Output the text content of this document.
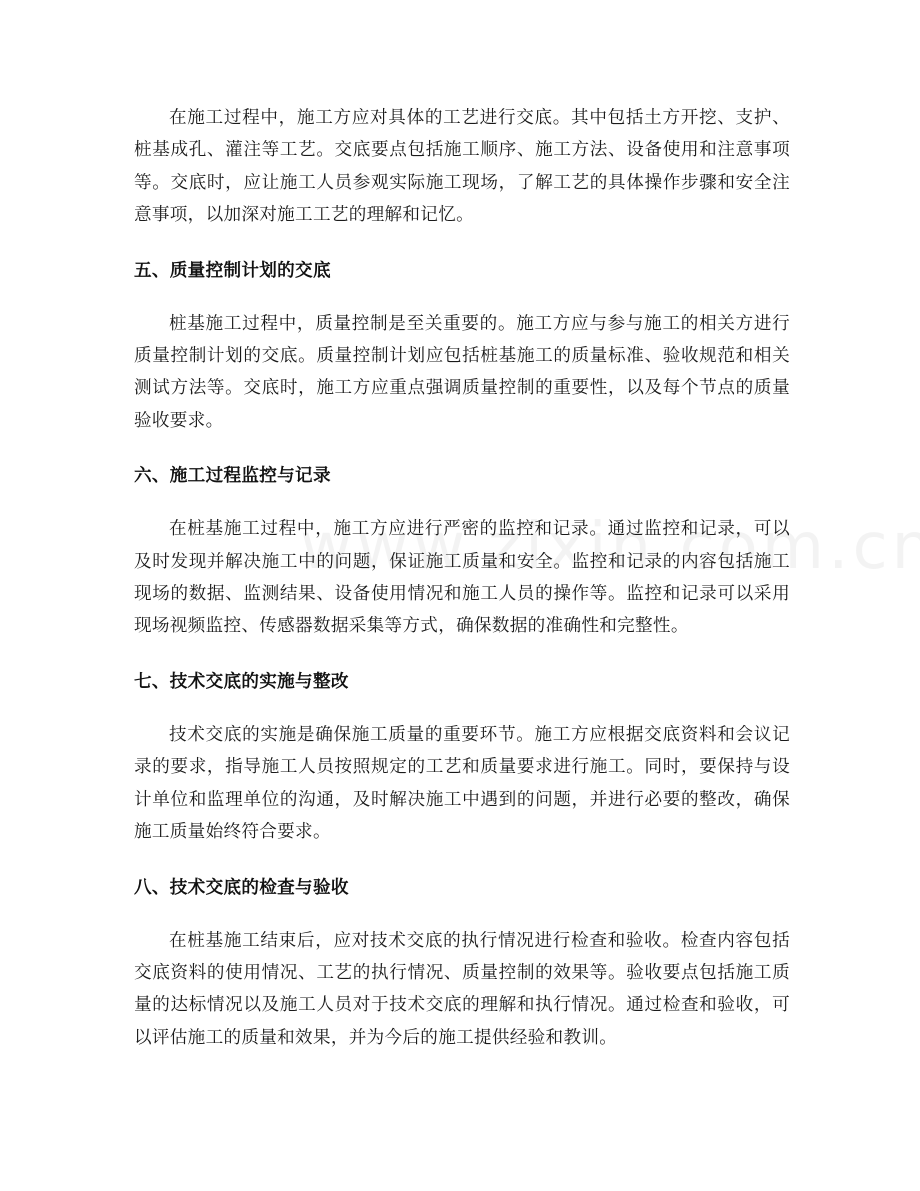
在施工过程中，施工方应对具体的工艺进行交底。其中包括土方开挖、支护、桩基成孔、灌注等工艺。交底要点包括施工顺序、施工方法、设备使用和注意事项等。交底时，应让施工人员参观实际施工现场，了解工艺的具体操作步骤和安全注意事项，以加深对施工工艺的理解和记忆。

五、质量控制计划的交底

桩基施工过程中，质量控制是至关重要的。施工方应与参与施工的相关方进行质量控制计划的交底。质量控制计划应包括桩基施工的质量标准、验收规范和相关测试方法等。交底时，施工方应重点强调质量控制的重要性，以及每个节点的质量验收要求。

六、施工过程监控与记录

在桩基施工过程中，施工方应进行严密的监控和记录。通过监控和记录，可以及时发现并解决施工中的问题，保证施工质量和安全。监控和记录的内容包括施工现场的数据、监测结果、设备使用情况和施工人员的操作等。监控和记录可以采用现场视频监控、传感器数据采集等方式，确保数据的准确性和完整性。

七、技术交底的实施与整改

技术交底的实施是确保施工质量的重要环节。施工方应根据交底资料和会议记录的要求，指导施工人员按照规定的工艺和质量要求进行施工。同时，要保持与设计单位和监理单位的沟通，及时解决施工中遇到的问题，并进行必要的整改，确保施工质量始终符合要求。

八、技术交底的检查与验收

在桩基施工结束后，应对技术交底的执行情况进行检查和验收。检查内容包括交底资料的使用情况、工艺的执行情况、质量控制的效果等。验收要点包括施工质量的达标情况以及施工人员对于技术交底的理解和执行情况。通过检查和验收，可以评估施工的质量和效果，并为今后的施工提供经验和教训。
